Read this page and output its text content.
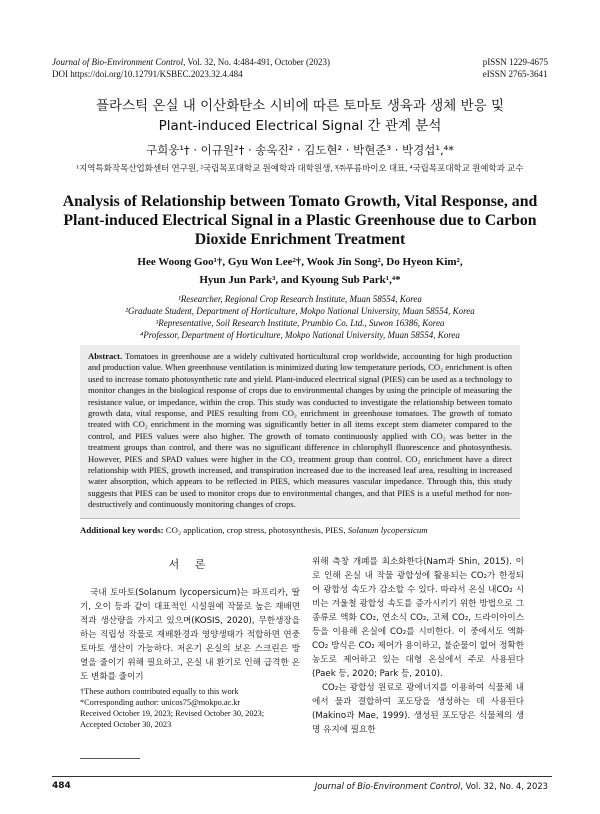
Journal of Bio-Environment Control, Vol. 32, No. 4:484-491, October (2023)
DOI https://doi.org/10.12791/KSBEC.2023.32.4.484
pISSN 1229-4675
eISSN 2765-3641
플라스틱 온실 내 이산화탄소 시비에 따른 토마토 생육과 생체 반응 및
Plant-induced Electrical Signal 간 관계 분석
구희웅¹† · 이규원²† · 송욱진² · 김도현² · 박현준³ · 박경섭¹,⁴*
¹지역특화작목산업화센터 연구원, ²국립목포대학교 원예학과 대학원생, ³㈜푸름바이오 대표, ⁴국립목포대학교 원예학과 교수
Analysis of Relationship between Tomato Growth, Vital Response, and
Plant-induced Electrical Signal in a Plastic Greenhouse due to Carbon
Dioxide Enrichment Treatment
Hee Woong Goo¹†, Gyu Won Lee²†, Wook Jin Song², Do Hyeon Kim²,
Hyun Jun Park³, and Kyoung Sub Park¹,⁴*
¹Researcher, Regional Crop Research Institute, Muan 58554, Korea
²Graduate Student, Department of Horticulture, Mokpo National University, Muan 58554, Korea
³Representative, Soil Research Institute, Prumbio Co. Ltd., Suwon 16386, Korea
⁴Professor, Department of Horticulture, Mokpo National University, Muan 58554, Korea
Abstract. Tomatoes in greenhouse are a widely cultivated horticultural crop worldwide, accounting for high production and production value. When greenhouse ventilation is minimized during low temperature periods, CO₂ enrichment is often used to increase tomato photosynthetic rate and yield. Plant-induced electrical signal (PIES) can be used as a technology to monitor changes in the biological response of crops due to environmental changes by using the principle of measuring the resistance value, or impedance, within the crop. This study was conducted to investigate the relationship between tomato growth data, vital response, and PIES resulting from CO₂ enrichment in greenhouse tomatoes. The growth of tomato treated with CO₂ enrichment in the morning was significantly better in all items except stem diameter compared to the control, and PIES values were also higher. The growth of tomato continuously applied with CO₂ was better in the treatment groups than control, and there was no significant difference in chlorophyll fluorescence and photosynthesis. However, PIES and SPAD values were higher in the CO₂ treatment group than control. CO₂ enrichment have a direct relationship with PIES, growth increased, and transpiration increased due to the increased leaf area, resulting in increased water absorption, which appears to be reflected in PIES, which measures vascular impedance. Through this, this study suggests that PIES can be used to monitor crops due to environmental changes, and that PIES is a useful method for non-destructively and continuously monitoring changes of crops.
Additional key words: CO₂ application, crop stress, photosynthesis, PIES, Solanum lycopersicum
서 론
국내 토마토(Solanum lycopersicum)는 파프리카, 딸기, 오이 등과 같이 대표적인 시설원예 작물로 높은 재배면적과 생산량을 가지고 있으며(KOSIS, 2020), 무한생장을 하는 직립성 작물로 재배환경과 영양생태가 적합하면 연중 토마토 생산이 가능하다. 저온기 온실의 보온 스크린은 방열을 줄이기 위해 필요하고, 온실 내 환기로 인해 급격한 온도 변화를 줄이기

위해 측창 개폐를 최소화한다(Nam과 Shin, 2015). 이로 인해 온실 내 작물 광합성에 활용되는 CO₂가 한정되어 광합성 속도가 감소할 수 있다. 따라서 온실 내CO₂ 시비는 겨울철 광합성 속도를 증가시키기 위한 방법으로 그 종류로 액화 CO₂, 연소식 CO₂, 고체 CO₂, 드라이아이스 등을 이용해 온실에 CO₂를 시비한다. 이 중에서도 액화 CO₂ 방식은 CO₂ 제어가 용이하고, 불순물이 없어 정확한 농도로 제어하고 있는 대형 온실에서 주로 사용된다(Paek 등, 2020; Park 등, 2010).

CO₂는 광합성 원료로 광에너지를 이용하여 식물체 내에서 물과 결합하여 포도당을 생성하는 데 사용된다(Makino과 Mae, 1999). 생성된 포도당은 식물체의 생명 유지에 필요한

†These authors contributed equally to this work
*Corresponding author: unicos75@mokpo.ac.kr
Received October 19, 2023; Revised October 30, 2023;
Accepted October 30, 2023
484	Journal of Bio-Environment Control, Vol. 32, No. 4, 2023
